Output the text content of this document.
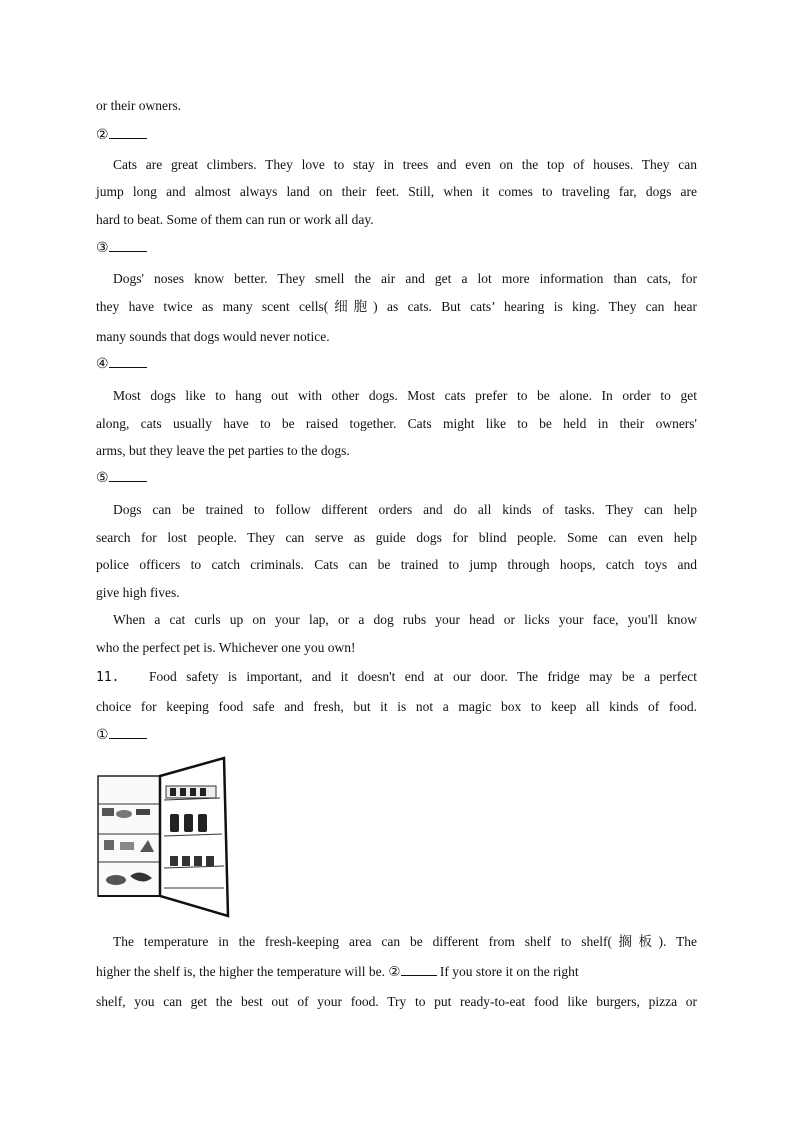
or their owners.
②
Cats are great climbers. They love to stay in trees and even on the top of houses. They can
jump long and almost always land on their feet. Still, when it comes to traveling far, dogs are
hard to beat. Some of them can run or work all day.
③
Dogs' noses know better. They smell the air and get a lot more information than cats, for
they have twice as many scent cells(细胞) as cats. But cats’ hearing is king. They can hear
many sounds that dogs would never notice.
④
Most dogs like to hang out with other dogs. Most cats prefer to be alone. In order to get
along, cats usually have to be raised together. Cats might like to be held in their owners'
arms, but they leave the pet parties to the dogs.
⑤
Dogs can be trained to follow different orders and do all kinds of tasks. They can help
search for lost people. They can serve as guide dogs for blind people. Some can even help
police officers to catch criminals. Cats can be trained to jump through hoops, catch toys and
give high fives.
When a cat curls up on your lap, or a dog rubs your head or licks your face, you'll know
who the perfect pet is. Whichever one you own!
11. Food safety is important, and it doesn't end at our door. The fridge may be a perfect
choice for keeping food safe and fresh, but it is not a magic box to keep all kinds of food.
①
The temperature in the fresh-keeping area can be different from shelf to shelf(搁板). The
higher the shelf is, the higher the temperature will be. ②	If you store it on the right
shelf, you can get the best out of your food. Try to put ready-to-eat food like burgers, pizza or
